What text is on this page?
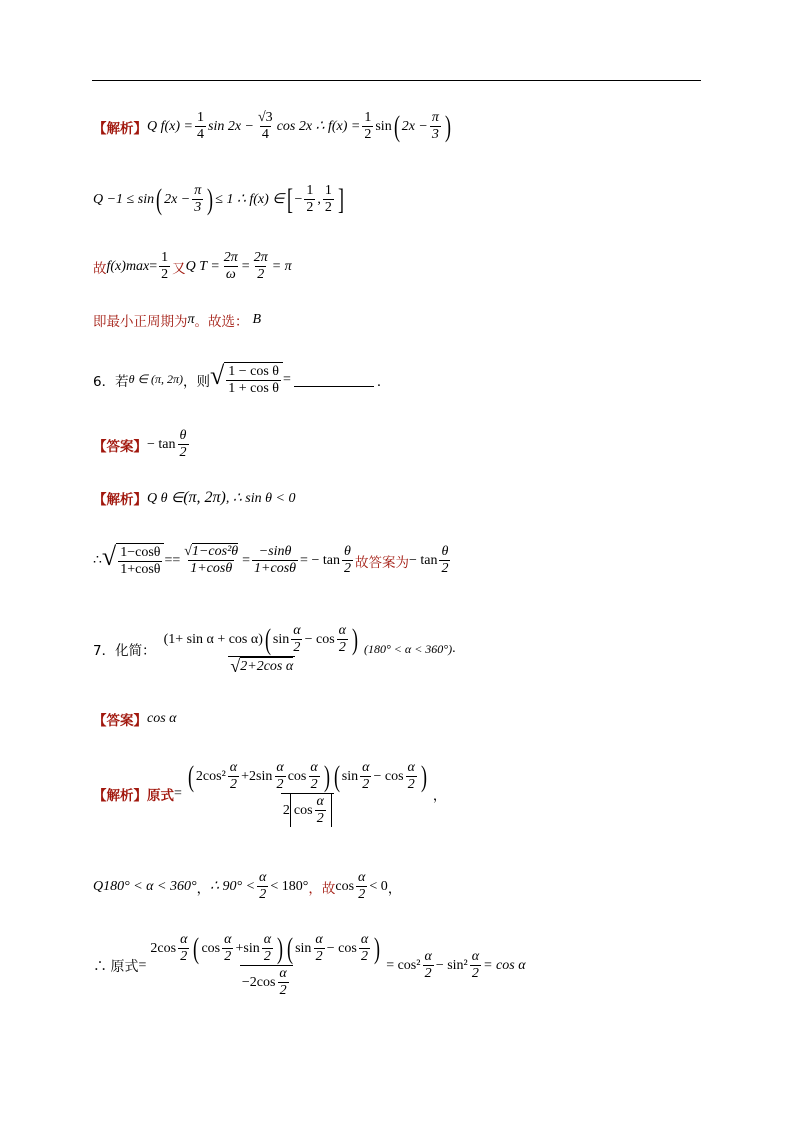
【解析】 Q $f(x) = \frac{1}{4}$ $\sin 2x - \frac{√3}{4}$ cos 2x ∴ $f(x) = \frac{1}{2}$ sin ( $2x - \frac{\pi}{3}$ )
Q −1 ≤ sin ( $2x - \frac{\pi}{3}$ ) ≤ 1 ∴ f(x) ∈ [ − $\frac{1}{2}$ , $\frac{1}{2}$ ]
故 f(x) $\max = \frac{1}{2}$ 又 Q $T = \frac{2\pi}{\omega} = \frac{2\pi}{2} = \pi$
即最小正周期为 π 。故选： B
6．若 θ ∈ (π, 2π) ，则 √ $\frac{\text{1 − cos θ}}{\text{1 + cos θ}}$ =	．
【答案】 − $\tan \frac{\theta}{2}$
【解析】 Q θ ∈ (π, 2π) , ∴ sin θ < 0
∴ √ $\frac{1-\cos\theta}{1+\cos\theta} == \frac{\text{√1−cos²θ}}{1+\cos\theta} = \frac{-\sin\theta}{1+\cos\theta}$ = − $\tan \frac{\theta}{2}$ 故答案为 − $\tan \frac{\theta}{2}$
7．化简：
(1+ sin α + cos α) ( $\sin \frac{\alpha}{2} - \cos \frac{\alpha}{2}$ )
√ 2+2cos α
(180° < α < 360°) .
【答案】 cos α
【解析】原式 =
( $2\cos^2 \frac{\alpha}{2} +2\sin \frac{\alpha}{2}$ $\cos \frac{\alpha}{2}$ ) ( $\sin \frac{\alpha}{2} - \cos \frac{\alpha}{2}$ )
2 $\cos \frac{\alpha}{2}$	，
Q180° < α < 360° ， ∴ $90^\circ < \frac{\alpha}{2} < 180^\circ$ ，故 $\cos \frac{\alpha}{2} < 0$ ，
∴ 原式 =
$2\cos \frac{\alpha}{2}$ ( $\cos \frac{\alpha}{2} +\sin \frac{\alpha}{2}$ ) ( $\sin \frac{\alpha}{2} - \cos \frac{\alpha}{2}$ )
$-2\cos \frac{\alpha}{2}$
= $\cos^2 \frac{\alpha}{2} - \sin^2 \frac{\alpha}{2} = \cos \alpha$
